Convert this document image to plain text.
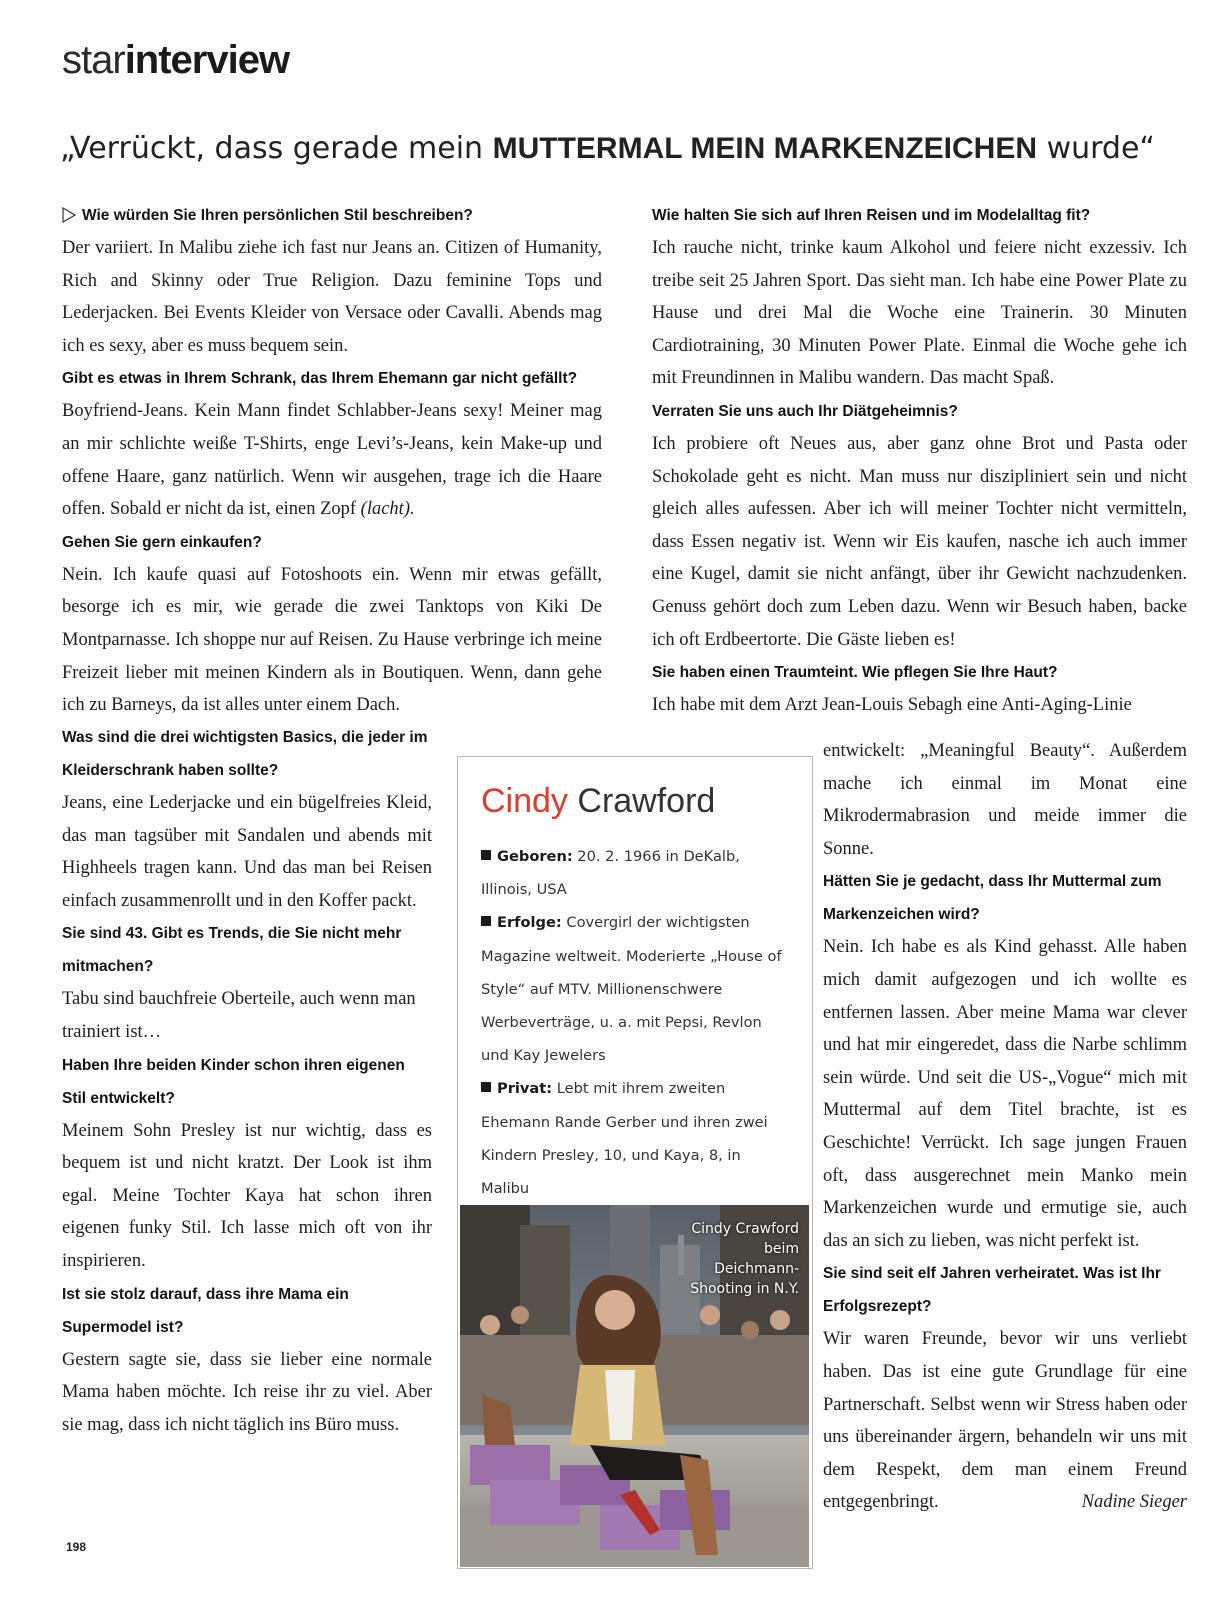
starinterview
„Verrückt, dass gerade mein MUTTERMAL MEIN MARKENZEICHEN wurde“
Wie würden Sie Ihren persönlichen Stil beschreiben?

Der variiert. In Malibu ziehe ich fast nur Jeans an. Citizen of Humanity, Rich and Skinny oder True Religion. Dazu feminine Tops und Lederjacken. Bei Events Kleider von Versace oder Cavalli. Abends mag ich es sexy, aber es muss bequem sein.

Gibt es etwas in Ihrem Schrank, das Ihrem Ehemann gar nicht gefällt?

Boyfriend-Jeans. Kein Mann findet Schlabber-Jeans sexy! Meiner mag an mir schlichte weiße T-Shirts, enge Levi’s-Jeans, kein Make-up und offene Haare, ganz natürlich. Wenn wir ausgehen, trage ich die Haare offen. Sobald er nicht da ist, einen Zopf (lacht).

Gehen Sie gern einkaufen?

Nein. Ich kaufe quasi auf Fotoshoots ein. Wenn mir etwas gefällt, besorge ich es mir, wie gerade die zwei Tanktops von Kiki De Montparnasse. Ich shoppe nur auf Reisen. Zu Hause verbringe ich meine Freizeit lieber mit meinen Kindern als in Boutiquen. Wenn, dann gehe ich zu Barneys, da ist alles unter einem Dach.

Was sind die drei wichtigsten Basics, die jeder im Kleiderschrank haben sollte?

Jeans, eine Lederjacke und ein bügelfreies Kleid, das man tagsüber mit Sandalen und abends mit Highheels tragen kann. Und das man bei Reisen einfach zusammenrollt und in den Koffer packt.

Sie sind 43. Gibt es Trends, die Sie nicht mehr mitmachen?

Tabu sind bauchfreie Oberteile, auch wenn man trainiert ist…

Haben Ihre beiden Kinder schon ihren eigenen Stil entwickelt?

Meinem Sohn Presley ist nur wichtig, dass es bequem ist und nicht kratzt. Der Look ist ihm egal. Meine Tochter Kaya hat schon ihren eigenen funky Stil. Ich lasse mich oft von ihr inspirieren.

Ist sie stolz darauf, dass ihre Mama ein Supermodel ist?

Gestern sagte sie, dass sie lieber eine normale Mama haben möchte. Ich reise ihr zu viel. Aber sie mag, dass ich nicht täglich ins Büro muss.

Wie halten Sie sich auf Ihren Reisen und im Modelalltag fit?

Ich rauche nicht, trinke kaum Alkohol und feiere nicht exzessiv. Ich treibe seit 25 Jahren Sport. Das sieht man. Ich habe eine Power Plate zu Hause und drei Mal die Woche eine Trainerin. 30 Minuten Cardiotraining, 30 Minuten Power Plate. Einmal die Woche gehe ich mit Freundinnen in Malibu wandern. Das macht Spaß.

Verraten Sie uns auch Ihr Diätgeheimnis?

Ich probiere oft Neues aus, aber ganz ohne Brot und Pasta oder Schokolade geht es nicht. Man muss nur diszipliniert sein und nicht gleich alles aufessen. Aber ich will meiner Tochter nicht vermitteln, dass Essen negativ ist. Wenn wir Eis kaufen, nasche ich auch immer eine Kugel, damit sie nicht anfängt, über ihr Gewicht nachzudenken. Genuss gehört doch zum Leben dazu. Wenn wir Besuch haben, backe ich oft Erdbeertorte. Die Gäste lieben es!

Sie haben einen Traumteint. Wie pflegen Sie Ihre Haut?

Ich habe mit dem Arzt Jean-Louis Sebagh eine Anti-Aging-Linie

entwickelt: „Meaningful Beauty“. Außerdem mache ich einmal im Monat eine Mikrodermabrasion und meide immer die Sonne.

Hätten Sie je gedacht, dass Ihr Muttermal zum Markenzeichen wird?

Nein. Ich habe es als Kind gehasst. Alle haben mich damit aufgezogen und ich wollte es entfernen lassen. Aber meine Mama war clever und hat mir eingeredet, dass die Narbe schlimm sein würde. Und seit die US-„Vogue“ mich mit Muttermal auf dem Titel brachte, ist es Geschichte! Verrückt. Ich sage jungen Frauen oft, dass ausgerechnet mein Manko mein Markenzeichen wurde und ermutige sie, auch das an sich zu lieben, was nicht perfekt ist.

Sie sind seit elf Jahren verheiratet. Was ist Ihr Erfolgsrezept?

Wir waren Freunde, bevor wir uns verliebt haben. Das ist eine gute Grundlage für eine Partnerschaft. Selbst wenn wir Stress haben oder uns übereinander ärgern, behandeln wir uns mit dem Respekt, dem man einem Freund entgegenbringt.	Nadine Sieger

Cindy Crawford
Geboren: 20. 2. 1966 in DeKalb, Illinois, USA
Erfolge: Covergirl der wichtigsten Magazine weltweit. Moderierte „House of Style“ auf MTV. Millionenschwere Werbeverträge, u. a. mit Pepsi, Revlon und Kay Jewelers
Privat: Lebt mit ihrem zweiten Ehemann Rande Gerber und ihren zwei Kindern Presley, 10, und Kaya, 8, in Malibu
Cindy Crawford beim Deichmann-Shooting in N.Y.
198
